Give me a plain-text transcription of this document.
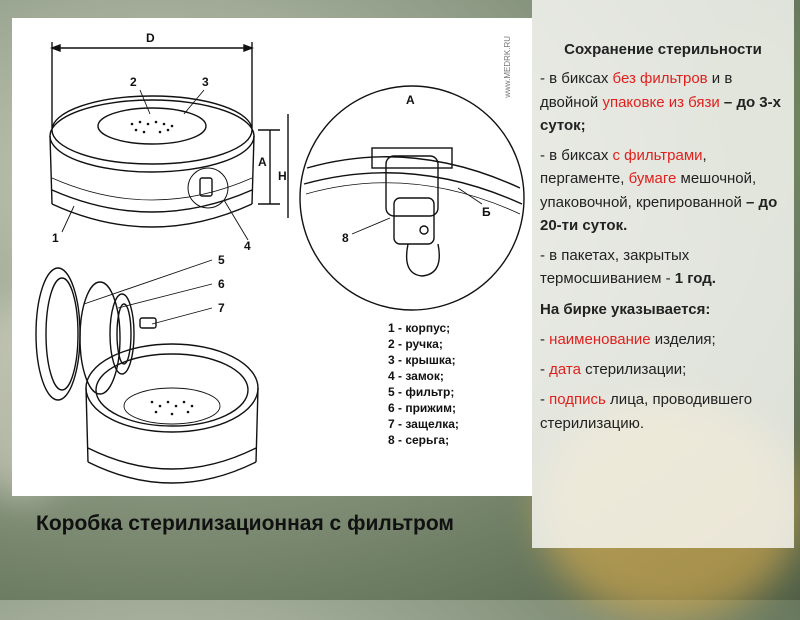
D
2	3
1
4
A
H
5
6
7
A
Б
8
www.MEDRK.RU
1 - корпус;
2 - ручка;
3 - крышка;
4 - замок;
5 - фильтр;
6 - прижим;
7 - защелка;
8 - серьга;
Коробка стерилизационная с фильтром
Сохранение стерильности

- в биксах без фильтров и в двойной упаковке из бязи – до 3-х суток;

- в биксах с фильтрами, пергаменте, бумаге мешочной, упаковочной, крепированной – до 20-ти суток.

- в пакетах, закрытых термосшиванием - 1 год.

На бирке указывается:

- наименование изделия;

- дата стерилизации;

- подпись лица, проводившего стерилизацию.
